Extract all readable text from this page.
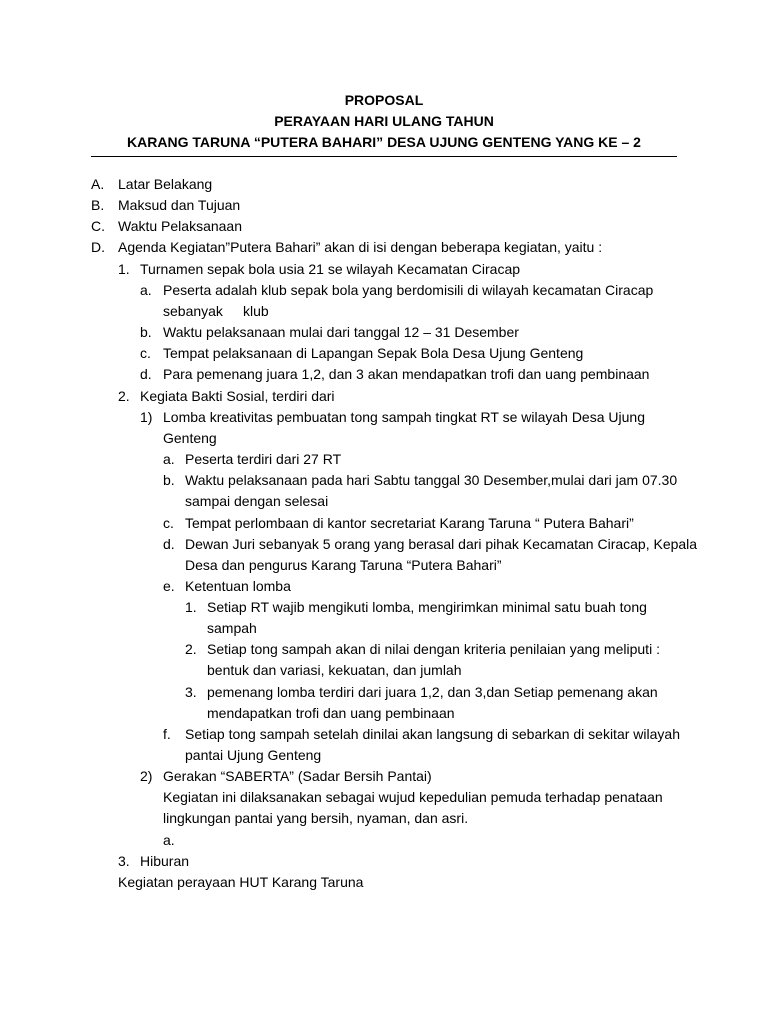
PROPOSAL
PERAYAAN HARI ULANG TAHUN
KARANG TARUNA “PUTERA BAHARI” DESA UJUNG GENTENG YANG KE – 2
A. Latar Belakang
B. Maksud dan Tujuan
C. Waktu Pelaksanaan
D. Agenda Kegiatan”Putera Bahari” akan di isi dengan beberapa kegiatan, yaitu :
1. Turnamen sepak bola usia 21 se wilayah Kecamatan Ciracap
a. Peserta adalah klub sepak bola yang berdomisili di wilayah kecamatan Ciracap
sebanyak klub
b. Waktu pelaksanaan mulai dari tanggal 12 – 31 Desember
c. Tempat pelaksanaan di Lapangan Sepak Bola Desa Ujung Genteng
d. Para pemenang juara 1,2, dan 3 akan mendapatkan trofi dan uang pembinaan
2. Kegiata Bakti Sosial, terdiri dari
1) Lomba kreativitas pembuatan tong sampah tingkat RT se wilayah Desa Ujung
Genteng
a. Peserta terdiri dari 27 RT
b. Waktu pelaksanaan pada hari Sabtu tanggal 30 Desember,mulai dari jam 07.30
sampai dengan selesai
c. Tempat perlombaan di kantor secretariat Karang Taruna “ Putera Bahari”
d. Dewan Juri sebanyak 5 orang yang berasal dari pihak Kecamatan Ciracap, Kepala
Desa dan pengurus Karang Taruna “Putera Bahari”
e. Ketentuan lomba
1. Setiap RT wajib mengikuti lomba, mengirimkan minimal satu buah tong
sampah
2. Setiap tong sampah akan di nilai dengan kriteria penilaian yang meliputi :
bentuk dan variasi, kekuatan, dan jumlah
3. pemenang lomba terdiri dari juara 1,2, dan 3,dan Setiap pemenang akan
mendapatkan trofi dan uang pembinaan
f. Setiap tong sampah setelah dinilai akan langsung di sebarkan di sekitar wilayah
pantai Ujung Genteng
2) Gerakan “SABERTA” (Sadar Bersih Pantai)
Kegiatan ini dilaksanakan sebagai wujud kepedulian pemuda terhadap penataan
lingkungan pantai yang bersih, nyaman, dan asri.
a.
3. Hiburan
Kegiatan perayaan HUT Karang Taruna
